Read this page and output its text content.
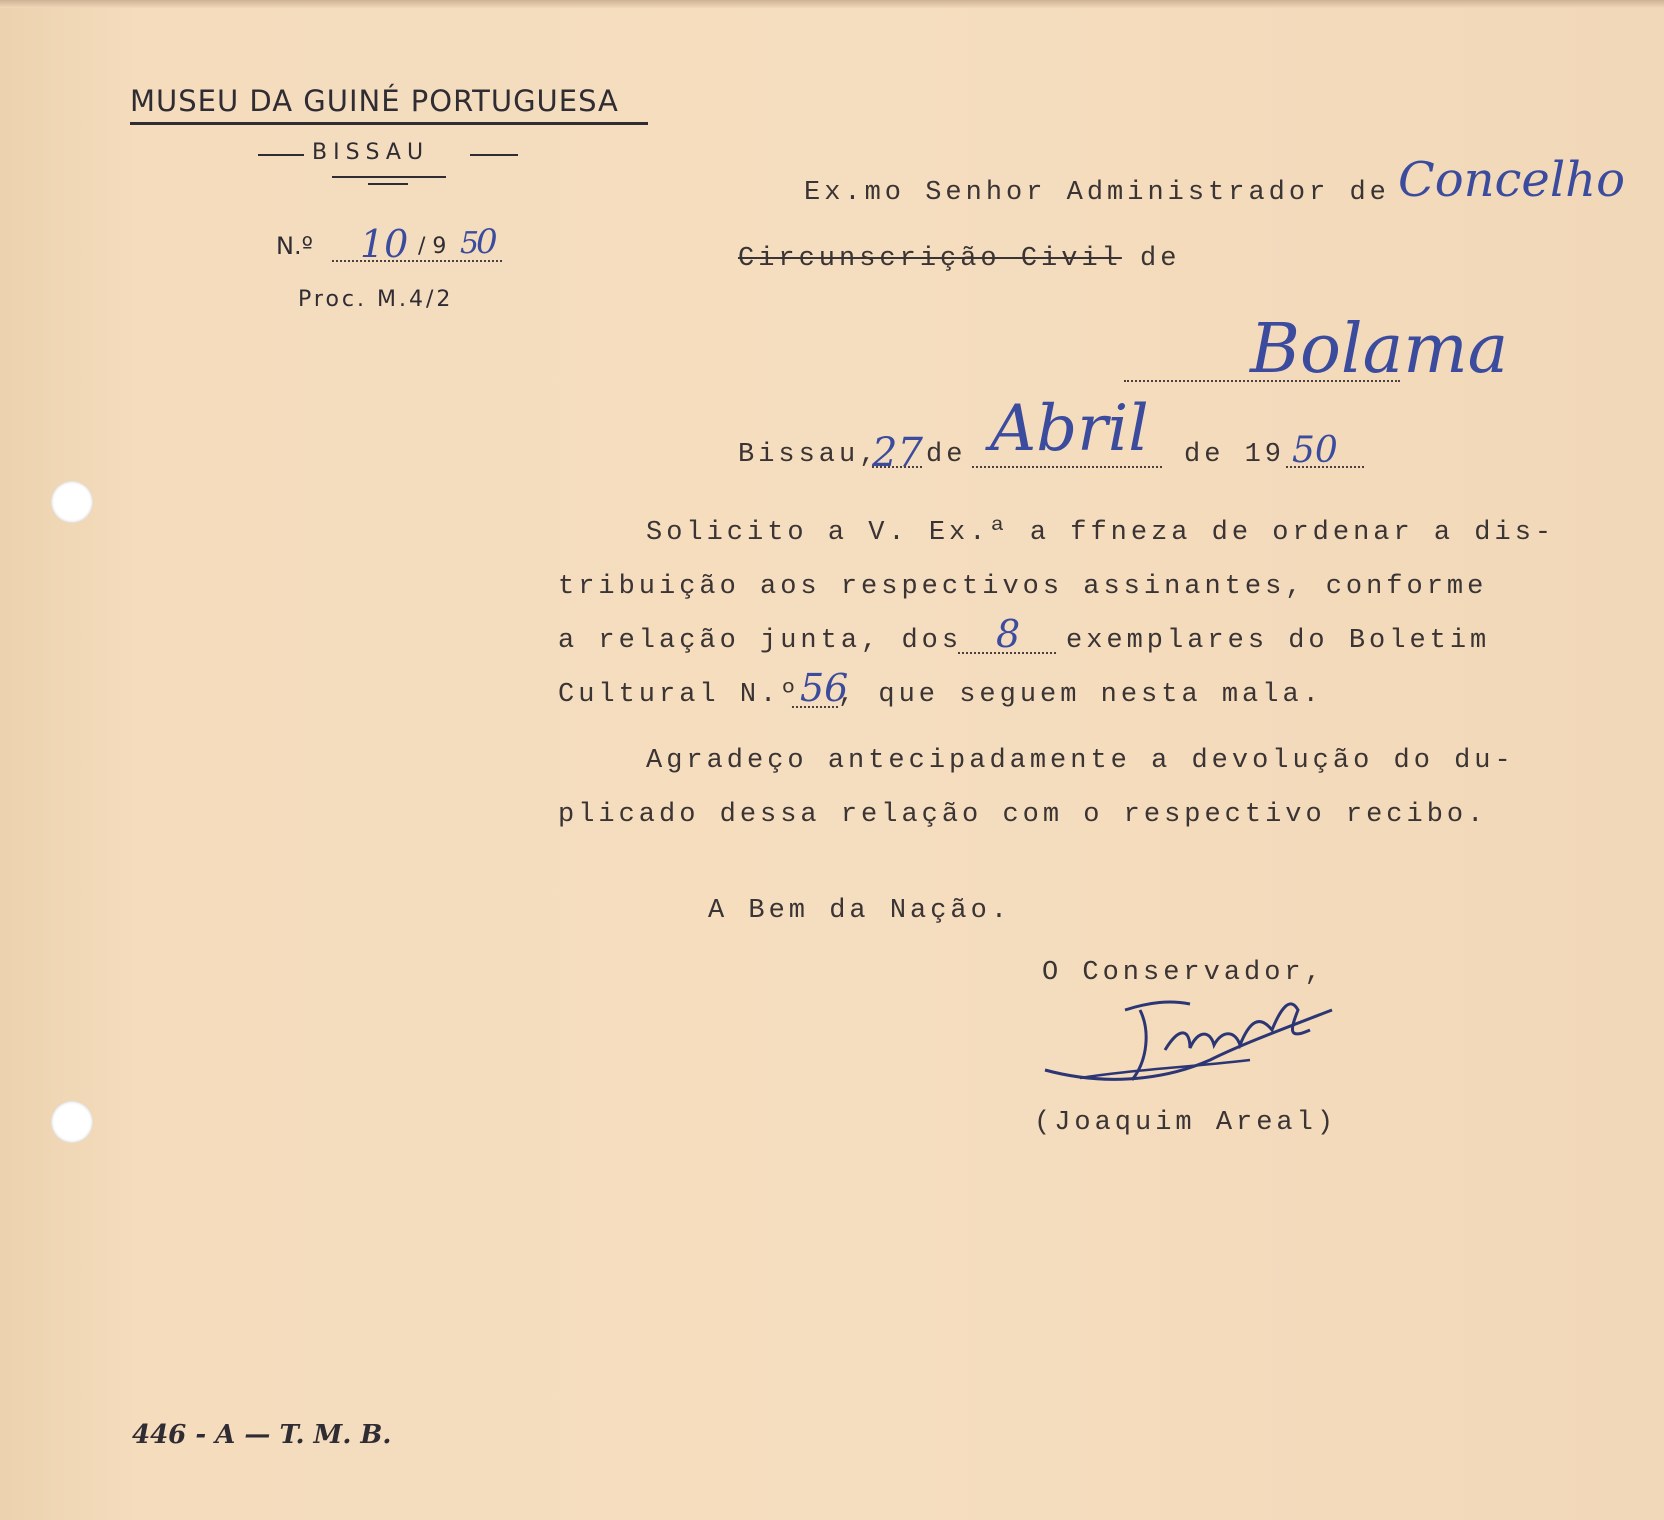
MUSEU DA GUINÉ PORTUGUESA
BISSAU
N.º 10 / 9 5
0
Proc. M.4/2
Ex.mo Senhor Administrador de Concelho
Circunscrição Civil de
Bolama
Bissau,
27 de Abril de 19 50
Solicito a V. Ex.ª a ffneza de ordenar a dis-
tribuição aos respectivos assinantes, conforme
a relação junta, dos 8 exemplares do Boletim
Cultural N.º 56
, que seguem nesta mala.
Agradeço antecipadamente a devolução do du-
plicado dessa relação com o respectivo recibo.
A Bem da Nação.
O Conservador,
(Joaquim Areal)
446 - A — T. M. B.
